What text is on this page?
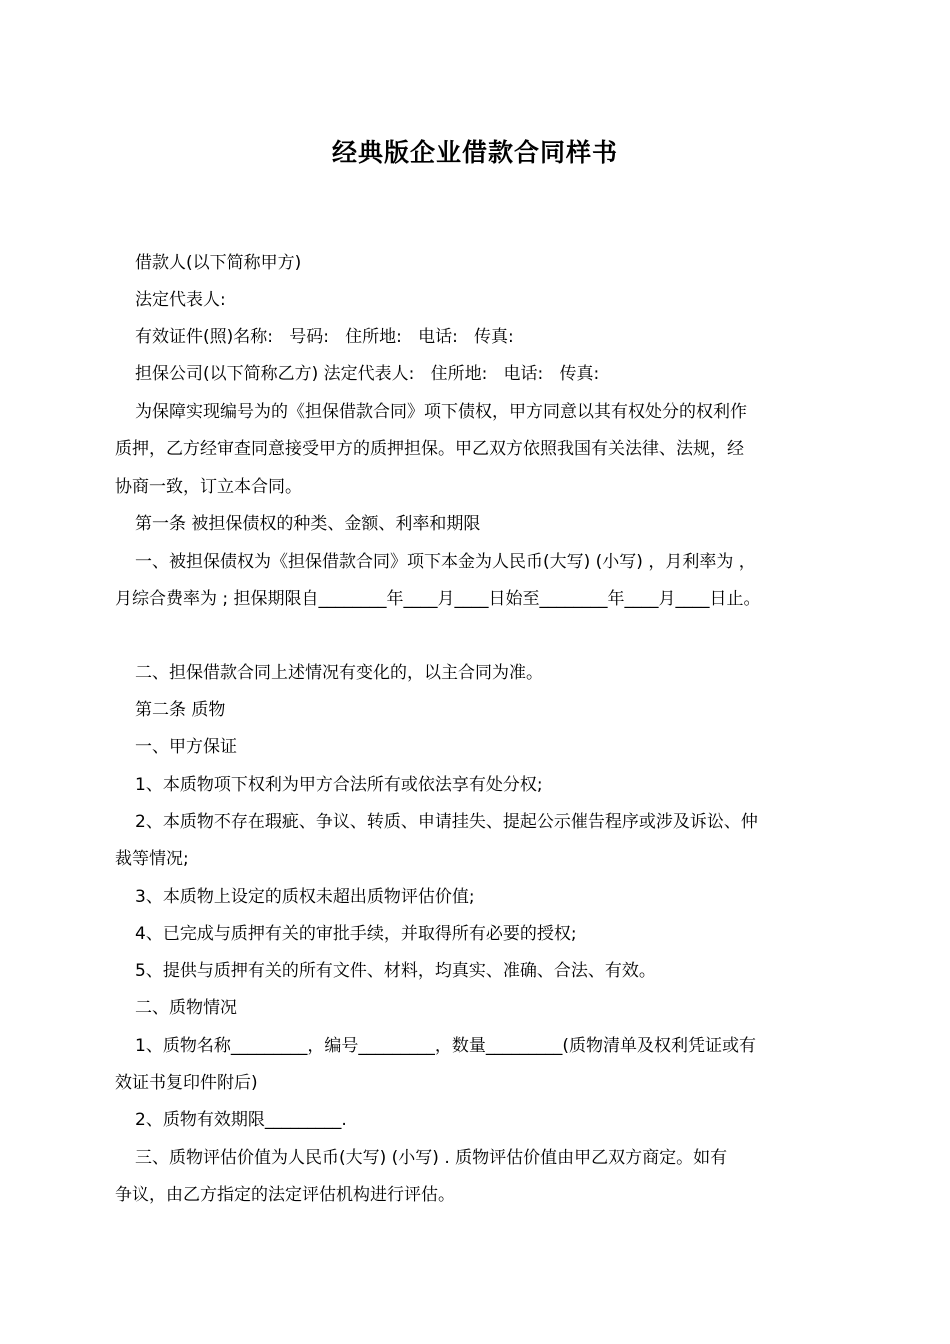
经典版企业借款合同样书
借款人(以下简称甲方)
法定代表人:
有效证件(照)名称:   号码:   住所地:   电话:   传真:
担保公司(以下简称乙方) 法定代表人:   住所地:   电话:   传真:
为保障实现编号为的《担保借款合同》项下债权，甲方同意以其有权处分的权利作
质押，乙方经审查同意接受甲方的质押担保。甲乙双方依照我国有关法律、法规，经
协商一致，订立本合同。
第一条 被担保债权的种类、金额、利率和期限
一、被担保债权为《担保借款合同》项下本金为人民币(大写) (小写) ，月利率为 ，
月综合费率为 ; 担保期限自________年____月____日始至________年____月____日止。
二、担保借款合同上述情况有变化的，以主合同为准。
第二条 质物
一、甲方保证
1、本质物项下权利为甲方合法所有或依法享有处分权;
2、本质物不存在瑕疵、争议、转质、申请挂失、提起公示催告程序或涉及诉讼、仲
裁等情况;
3、本质物上设定的质权未超出质物评估价值;
4、已完成与质押有关的审批手续，并取得所有必要的授权;
5、提供与质押有关的所有文件、材料，均真实、准确、合法、有效。
二、质物情况
1、质物名称_________，编号_________，数量_________(质物清单及权利凭证或有
效证书复印件附后)
2、质物有效期限_________.
三、质物评估价值为人民币(大写) (小写) . 质物评估价值由甲乙双方商定。如有
争议，由乙方指定的法定评估机构进行评估。
